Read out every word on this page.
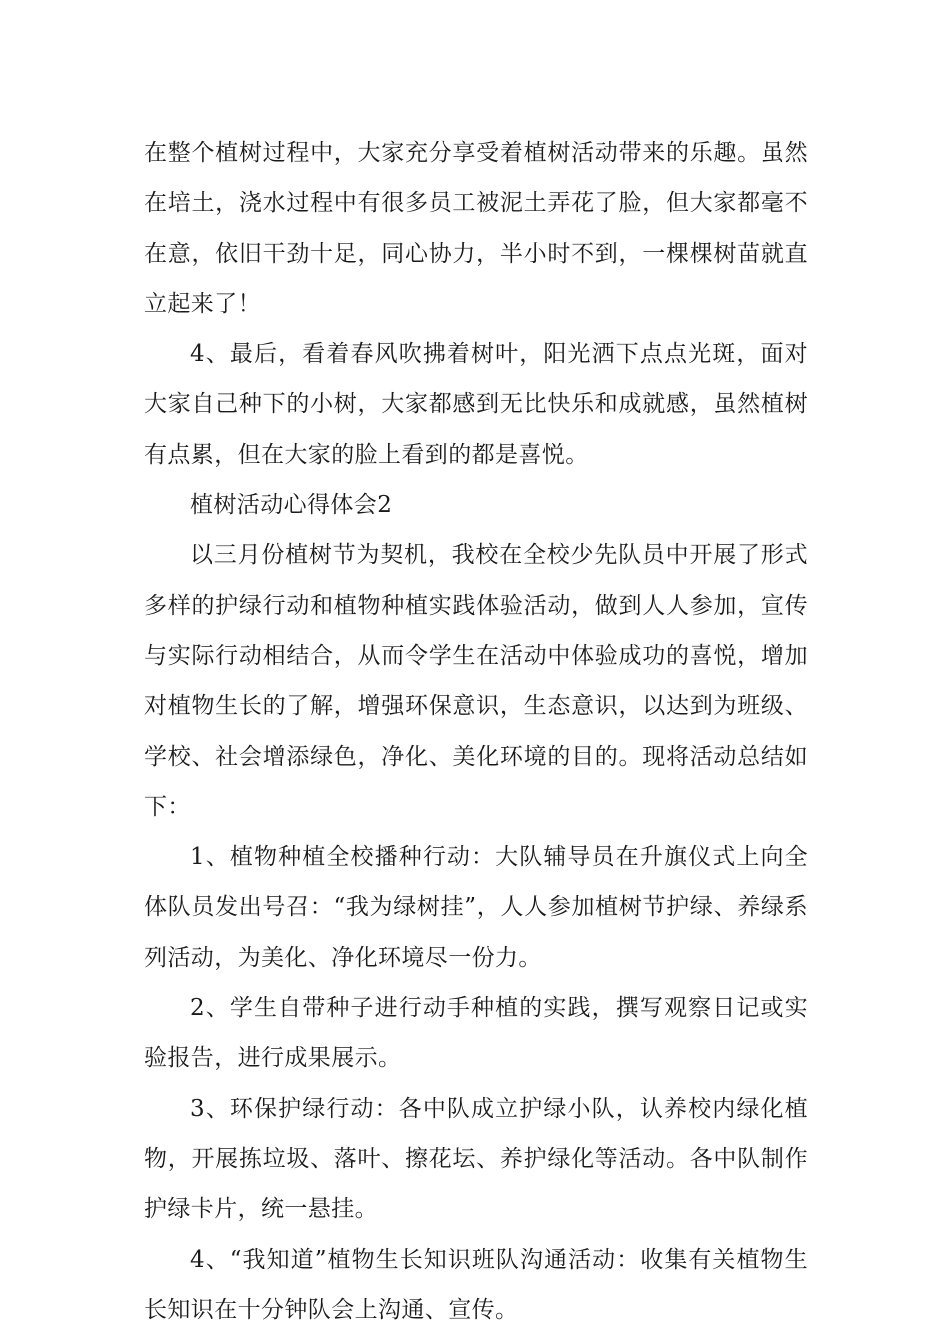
在整个植树过程中，大家充分享受着植树活动带来的乐趣。虽然在培土，浇水过程中有很多员工被泥土弄花了脸，但大家都毫不在意，依旧干劲十足，同心协力，半小时不到，一棵棵树苗就直立起来了！

4、最后，看着春风吹拂着树叶，阳光洒下点点光斑，面对大家自己种下的小树，大家都感到无比快乐和成就感，虽然植树有点累，但在大家的脸上看到的都是喜悦。

植树活动心得体会2

以三月份植树节为契机，我校在全校少先队员中开展了形式多样的护绿行动和植物种植实践体验活动，做到人人参加，宣传与实际行动相结合，从而令学生在活动中体验成功的喜悦，增加对植物生长的了解，增强环保意识，生态意识，以达到为班级、学校、社会增添绿色，净化、美化环境的目的。现将活动总结如下：

1、植物种植全校播种行动：大队辅导员在升旗仪式上向全体队员发出号召：“我为绿树挂”，人人参加植树节护绿、养绿系列活动，为美化、净化环境尽一份力。

2、学生自带种子进行动手种植的实践，撰写观察日记或实验报告，进行成果展示。

3、环保护绿行动：各中队成立护绿小队，认养校内绿化植物，开展拣垃圾、落叶、擦花坛、养护绿化等活动。各中队制作护绿卡片，统一悬挂。

4、“我知道”植物生长知识班队沟通活动：收集有关植物生长知识在十分钟队会上沟通、宣传。
